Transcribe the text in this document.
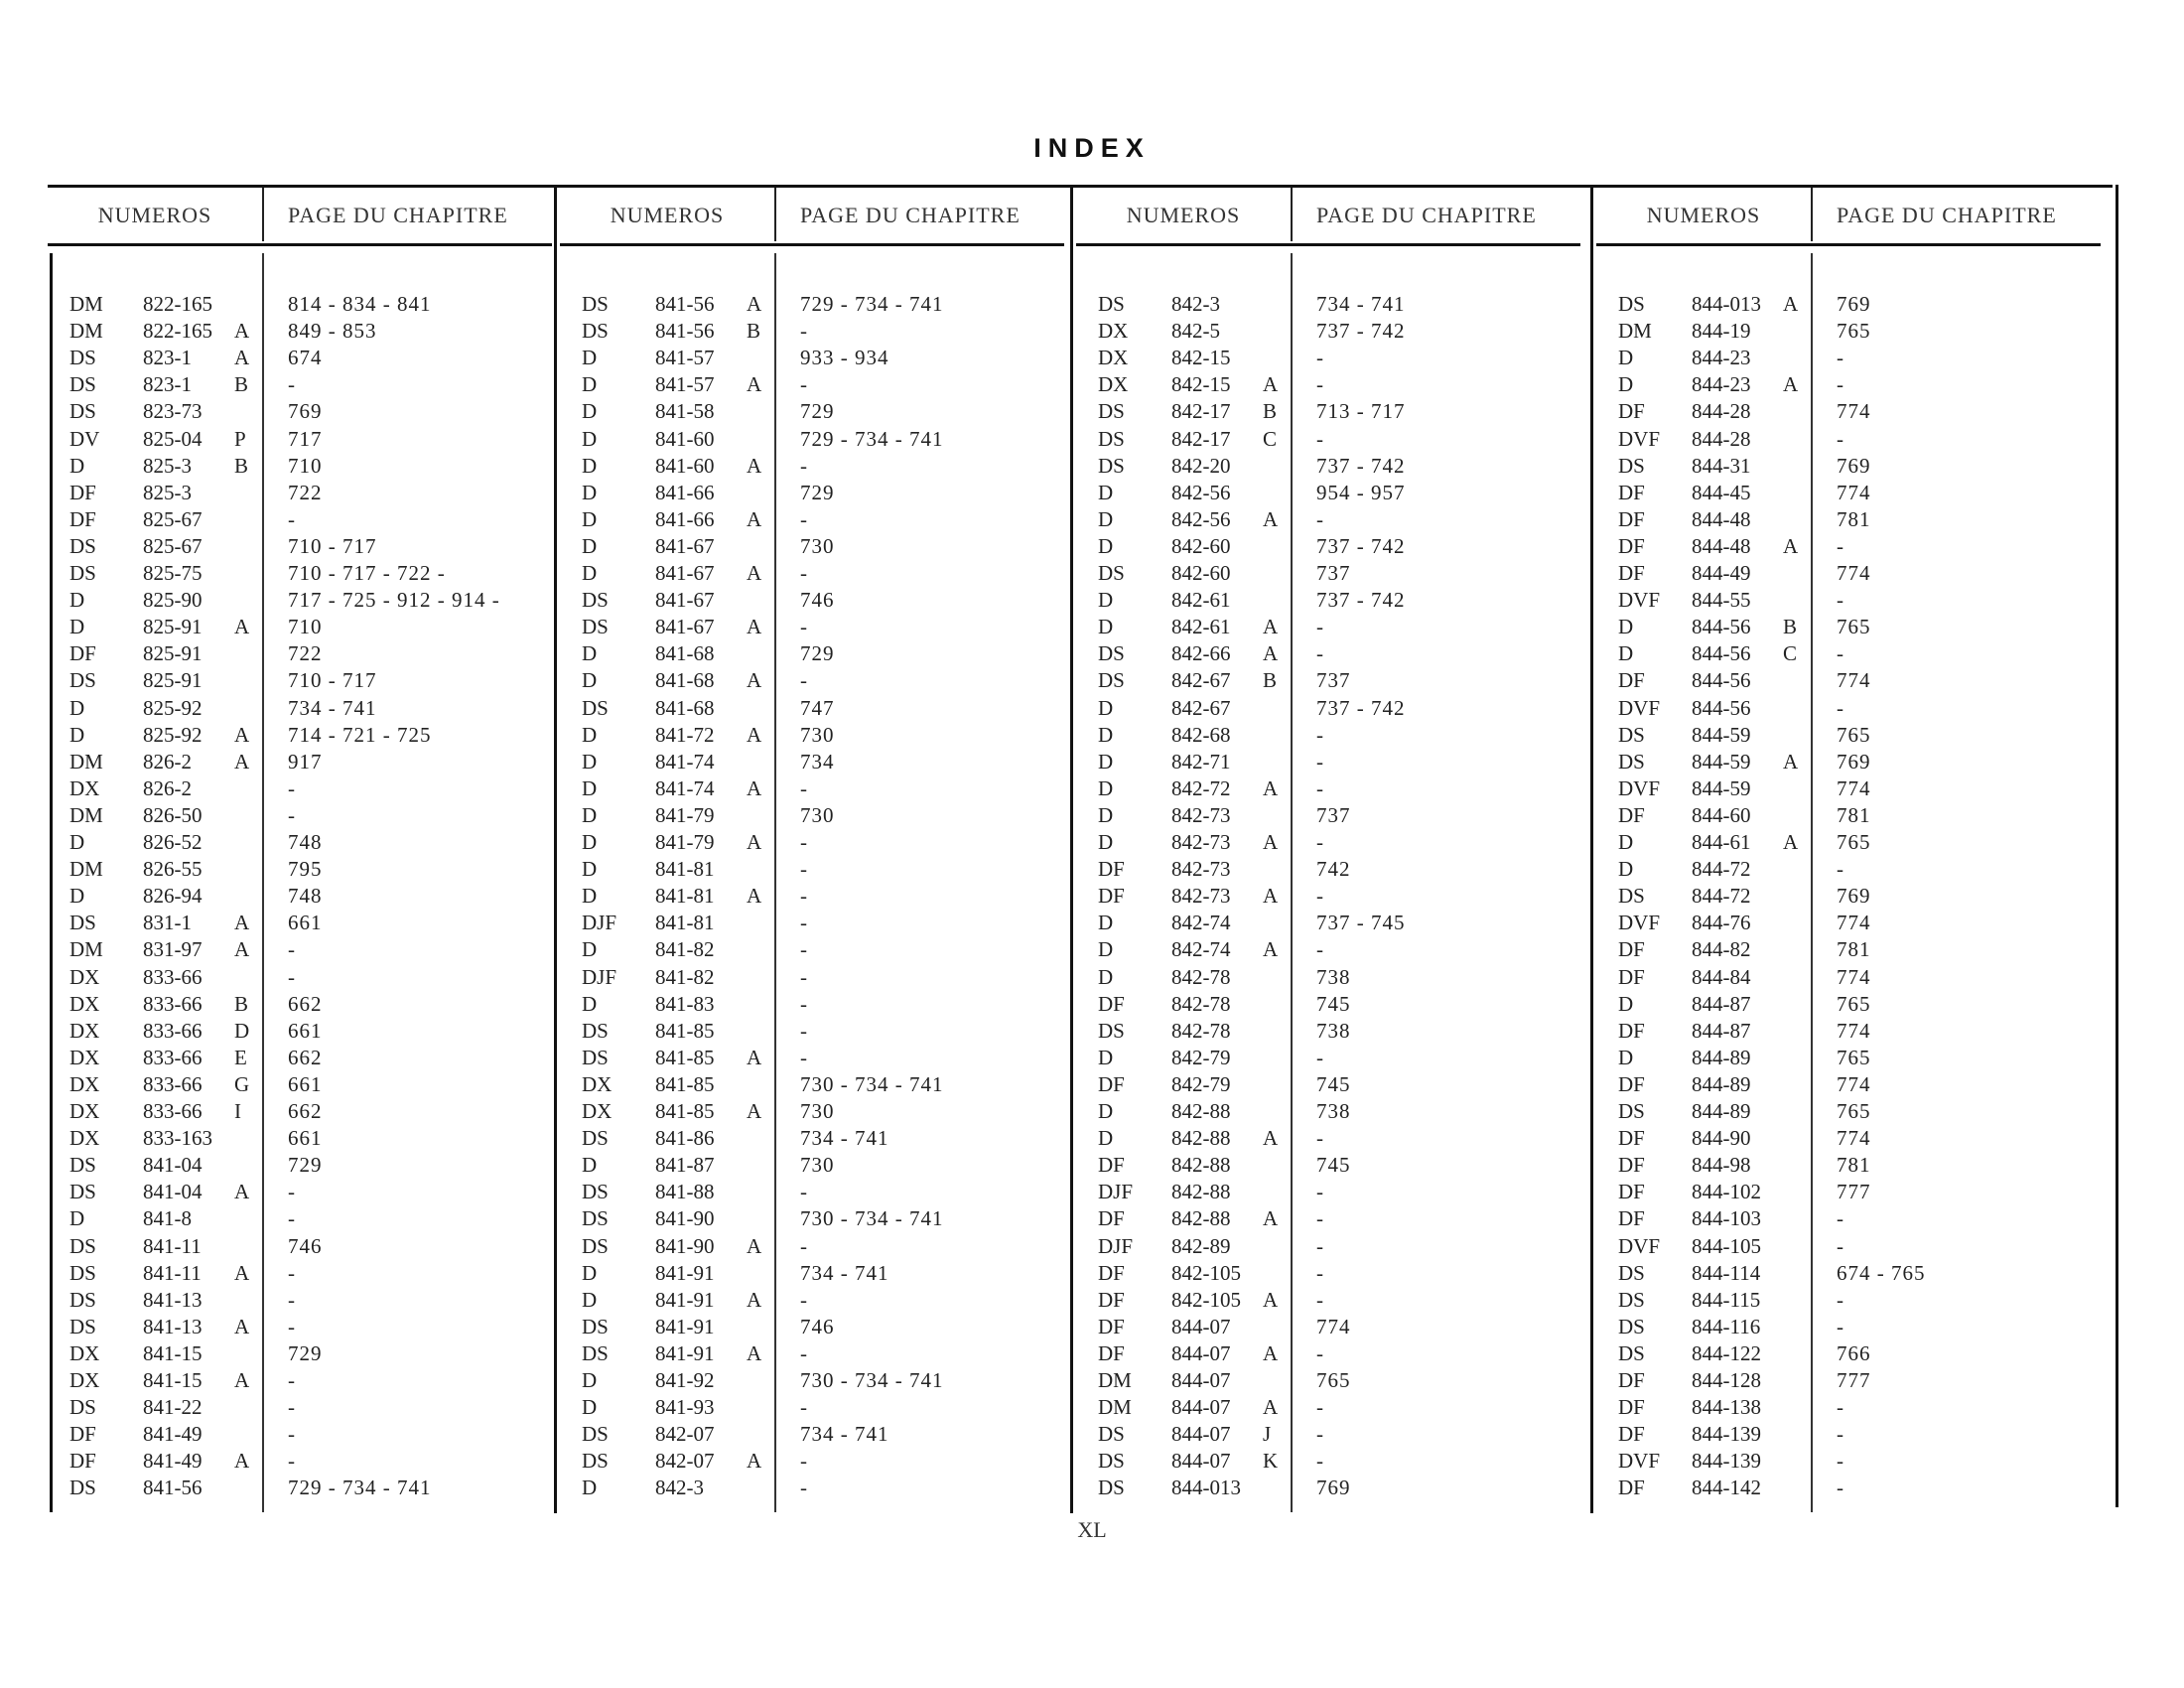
INDEX
NUMEROS	PAGE DU CHAPITRE
DM 822-165	814 - 834 - 841
DM 822-165 A 849 - 853
DS 823-1 A 674
DS 823-1 B -
DS 823-73	769
DV 825-04 P 717
D	825-3 B 710
DF 825-3	722
DF 825-67	-
DS 825-67	710 - 717
DS 825-75	710 - 717 - 722 -
D	825-90	717 - 725 - 912 - 914 -
D	825-91 A 710
DF 825-91	722
DS 825-91	710 - 717
D	825-92	734 - 741
D	825-92 A 714 - 721 - 725
DM 826-2 A 917
DX 826-2	-
DM 826-50	-
D	826-52	748
DM 826-55	795
D	826-94	748
DS 831-1 A 661
DM 831-97 A -
DX 833-66	-
DX 833-66 B 662
DX 833-66 D 661
DX 833-66 E 662
DX 833-66 G 661
DX 833-66 I 662
DX 833-163	661
DS 841-04	729
DS 841-04 A -
D	841-8	-
DS 841-11	746
DS 841-11 A -
DS 841-13	-
DS 841-13 A -
DX 841-15	729
DX 841-15 A -
DS 841-22	-
DF 841-49	-
DF 841-49 A -
DS 841-56	729 - 734 - 741
NUMEROS	PAGE DU CHAPITRE
DS 841-56 A 729 - 734 - 741
DS 841-56 B -
D	841-57	933 - 934
D	841-57 A -
D	841-58	729
D	841-60	729 - 734 - 741
D	841-60 A -
D	841-66	729
D	841-66 A -
D	841-67	730
D	841-67 A -
DS 841-67	746
DS 841-67 A -
D	841-68	729
D	841-68 A -
DS 841-68	747
D	841-72 A 730
D	841-74	734
D	841-74 A -
D	841-79	730
D	841-79 A -
D	841-81	-
D	841-81 A -
DJF 841-81	-
D	841-82	-
DJF 841-82	-
D	841-83	-
DS 841-85	-
DS 841-85 A -
DX 841-85	730 - 734 - 741
DX 841-85 A 730
DS 841-86	734 - 741
D	841-87	730
DS 841-88	-
DS 841-90	730 - 734 - 741
DS 841-90 A -
D	841-91	734 - 741
D	841-91 A -
DS 841-91	746
DS 841-91 A -
D	841-92	730 - 734 - 741
D	841-93	-
DS 842-07	734 - 741
DS 842-07 A -
D	842-3	-
NUMEROS	PAGE DU CHAPITRE
DS 842-3	734 - 741
DX 842-5	737 - 742
DX 842-15	-
DX 842-15 A -
DS 842-17 B 713 - 717
DS 842-17 C -
DS 842-20	737 - 742
D	842-56	954 - 957
D	842-56 A -
D	842-60	737 - 742
DS 842-60	737
D	842-61	737 - 742
D	842-61 A -
DS 842-66 A -
DS 842-67 B 737
D	842-67	737 - 742
D	842-68	-
D	842-71	-
D	842-72 A -
D	842-73	737
D	842-73 A -
DF 842-73	742
DF 842-73 A -
D	842-74	737 - 745
D	842-74 A -
D	842-78	738
DF 842-78	745
DS 842-78	738
D	842-79	-
DF 842-79	745
D	842-88	738
D	842-88 A -
DF 842-88	745
DJF 842-88	-
DF 842-88 A -
DJF 842-89	-
DF 842-105	-
DF 842-105 A -
DF 844-07	774
DF 844-07 A -
DM 844-07	765
DM 844-07 A -
DS 844-07 J -
DS 844-07 K -
DS 844-013	769
NUMEROS	PAGE DU CHAPITRE
DS 844-013 A 769
DM 844-19	765
D	844-23	-
D	844-23 A -
DF 844-28	774
DVF 844-28	-
DS 844-31	769
DF 844-45	774
DF 844-48	781
DF 844-48 A -
DF 844-49	774
DVF 844-55	-
D	844-56 B 765
D	844-56 C -
DF 844-56	774
DVF 844-56	-
DS 844-59	765
DS 844-59 A 769
DVF 844-59	774
DF 844-60	781
D	844-61 A 765
D	844-72	-
DS 844-72	769
DVF 844-76	774
DF 844-82	781
DF 844-84	774
D	844-87	765
DF 844-87	774
D	844-89	765
DF 844-89	774
DS 844-89	765
DF 844-90	774
DF 844-98	781
DF 844-102	777
DF 844-103	-
DVF 844-105	-
DS 844-114	674 - 765
DS 844-115	-
DS 844-116	-
DS 844-122	766
DF 844-128	777
DF 844-138	-
DF 844-139	-
DVF 844-139	-
DF 844-142	-
XL
